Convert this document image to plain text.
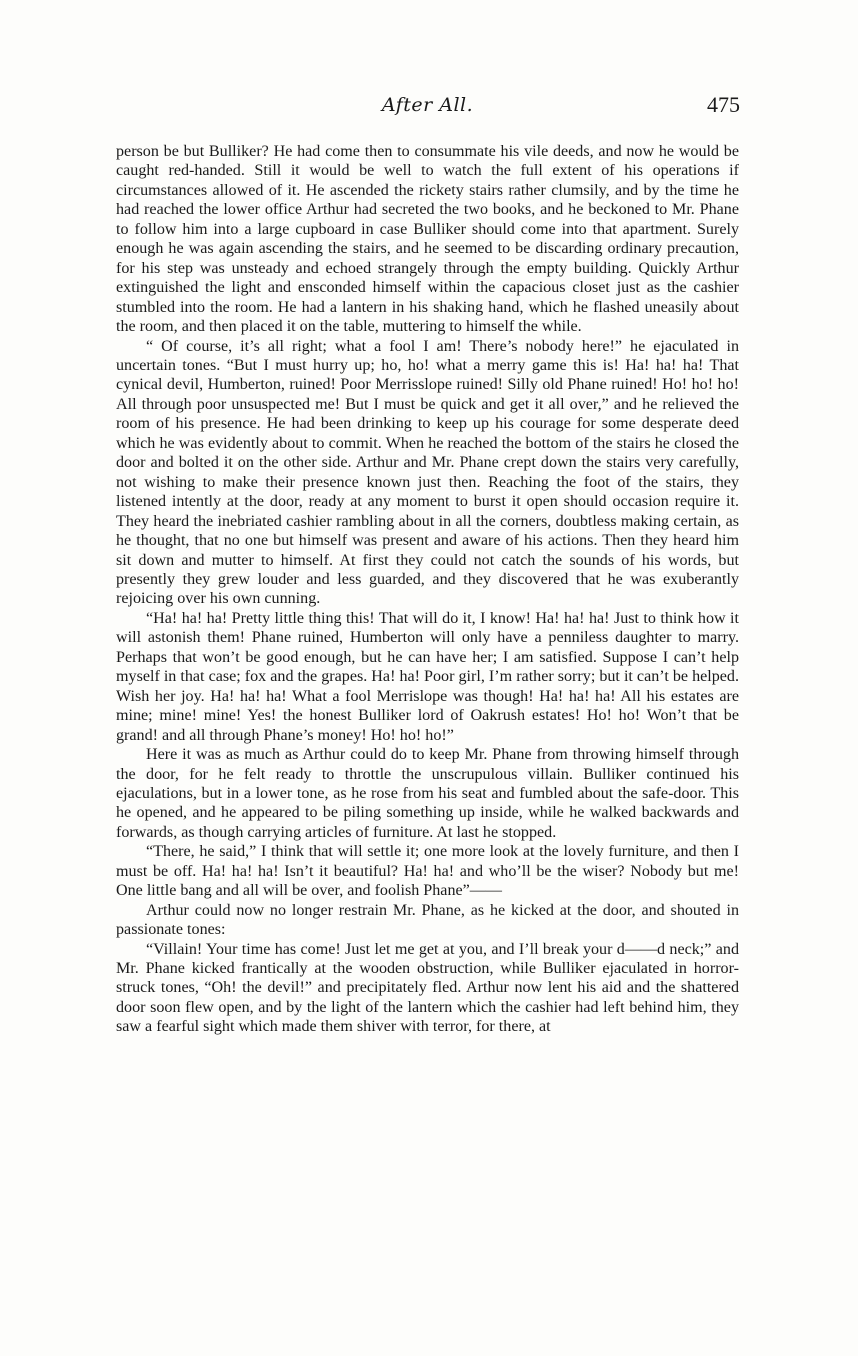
After All.	475

person be but Bulliker? He had come then to consummate his vile deeds, and now he would be caught red-handed. Still it would be well to watch the full extent of his operations if circumstances allowed of it. He ascended the rickety stairs rather clumsily, and by the time he had reached the lower office Arthur had secreted the two books, and he beckoned to Mr. Phane to follow him into a large cupboard in case Bulliker should come into that apartment. Surely enough he was again ascending the stairs, and he seemed to be discarding ordinary precaution, for his step was unsteady and echoed strangely through the empty building. Quickly Arthur extinguished the light and ensconded himself within the capacious closet just as the cashier stumbled into the room. He had a lantern in his shaking hand, which he flashed uneasily about the room, and then placed it on the table, muttering to himself the while.

“ Of course, it’s all right; what a fool I am! There’s nobody here!” he ejaculated in uncertain tones. “But I must hurry up; ho, ho! what a merry game this is! Ha! ha! ha! That cynical devil, Humberton, ruined! Poor Merrisslope ruined! Silly old Phane ruined! Ho! ho! ho! All through poor unsuspected me! But I must be quick and get it all over,” and he relieved the room of his presence. He had been drinking to keep up his courage for some desperate deed which he was evidently about to commit. When he reached the bottom of the stairs he closed the door and bolted it on the other side. Arthur and Mr. Phane crept down the stairs very carefully, not wishing to make their presence known just then. Reaching the foot of the stairs, they listened intently at the door, ready at any moment to burst it open should occasion require it. They heard the inebriated cashier rambling about in all the corners, doubtless making certain, as he thought, that no one but himself was present and aware of his actions. Then they heard him sit down and mutter to himself. At first they could not catch the sounds of his words, but presently they grew louder and less guarded, and they discovered that he was exuberantly rejoicing over his own cunning.

“Ha! ha! ha! Pretty little thing this! That will do it, I know! Ha! ha! ha! Just to think how it will astonish them! Phane ruined, Humberton will only have a penniless daughter to marry. Perhaps that won’t be good enough, but he can have her; I am satisfied. Suppose I can’t help myself in that case; fox and the grapes. Ha! ha! Poor girl, I’m rather sorry; but it can’t be helped. Wish her joy. Ha! ha! ha! What a fool Merrislope was though! Ha! ha! ha! All his estates are mine; mine! mine! Yes! the honest Bulliker lord of Oakrush estates! Ho! ho! Won’t that be grand! and all through Phane’s money! Ho! ho! ho!”

Here it was as much as Arthur could do to keep Mr. Phane from throwing himself through the door, for he felt ready to throttle the unscrupulous villain. Bulliker continued his ejaculations, but in a lower tone, as he rose from his seat and fumbled about the safe-door. This he opened, and he appeared to be piling something up inside, while he walked backwards and forwards, as though carrying articles of furniture. At last he stopped.

“There, he said,” I think that will settle it; one more look at the lovely furniture, and then I must be off. Ha! ha! ha! Isn’t it beautiful? Ha! ha! and who’ll be the wiser? Nobody but me! One little bang and all will be over, and foolish Phane”——

Arthur could now no longer restrain Mr. Phane, as he kicked at the door, and shouted in passionate tones:

“Villain! Your time has come! Just let me get at you, and I’ll break your d——d neck;” and Mr. Phane kicked frantically at the wooden obstruction, while Bulliker ejaculated in horror-struck tones, “Oh! the devil!” and precipitately fled. Arthur now lent his aid and the shattered door soon flew open, and by the light of the lantern which the cashier had left behind him, they saw a fearful sight which made them shiver with terror, for there, at
